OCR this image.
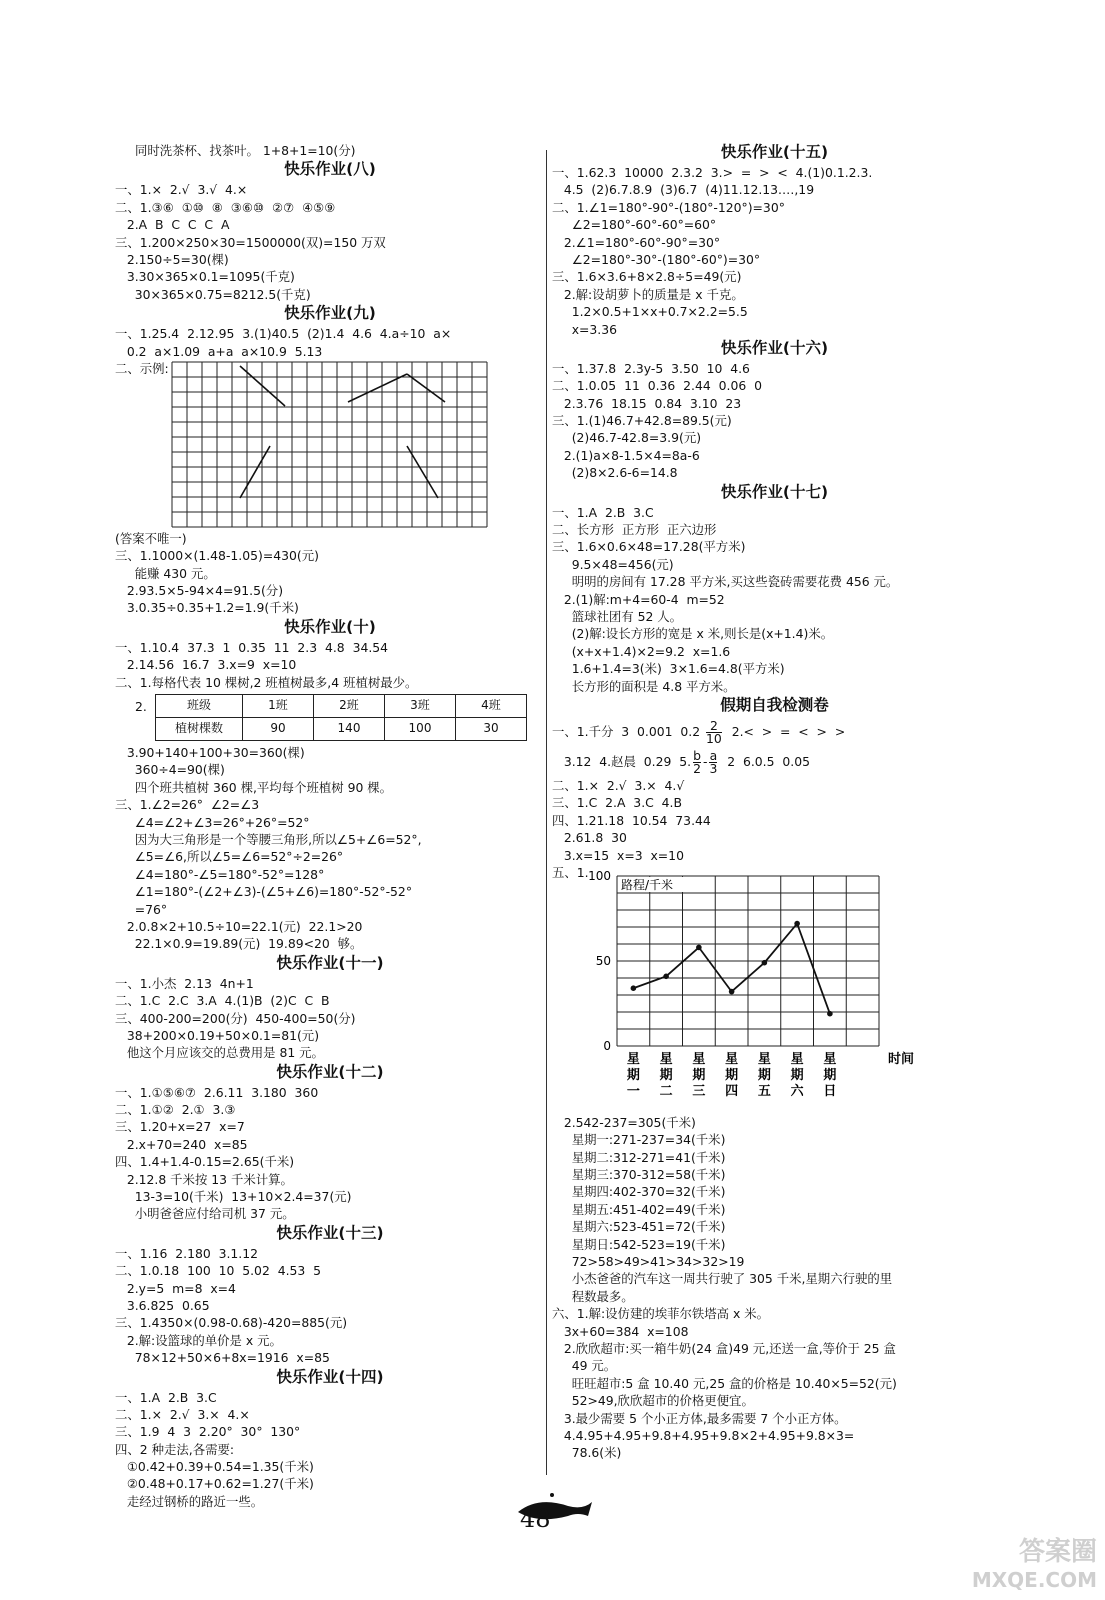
同时洗茶杯、找茶叶。 1+8+1=10(分)
快乐作业(八)
一、1.×  2.√  3.√  4.×
二、1.③⑥  ①⑩  ⑧  ③⑥⑩  ②⑦  ④⑤⑨
2.A  B  C  C  C  A
三、1.200×250×30=1500000(双)=150 万双
2.150÷5=30(棵)
3.30×365×0.1=1095(千克)
30×365×0.75=8212.5(千克)
快乐作业(九)
一、1.25.4  2.12.95  3.(1)40.5  (2)1.4  4.6  4.a÷10  a×
0.2  a×1.09  a+a  a×10.9  5.13
二、示例:
(答案不唯一)
三、1.1000×(1.48-1.05)=430(元)
能赚 430 元。
2.93.5×5-94×4=91.5(分)
3.0.35÷0.35+1.2=1.9(千米)
快乐作业(十)
一、1.10.4  37.3  1  0.35  11  2.3  4.8  34.54
2.14.56  16.7  3.x=9  x=10
二、1.每格代表 10 棵树,2 班植树最多,4 班植树最少。
2.	班级	1班	2班	3班	4班
植树棵数	90	140	100	30
3.90+140+100+30=360(棵)
360÷4=90(棵)
四个班共植树 360 棵,平均每个班植树 90 棵。
三、1.∠2=26°  ∠2=∠3
∠4=∠2+∠3=26°+26°=52°
因为大三角形是一个等腰三角形,所以∠5+∠6=52°,
∠5=∠6,所以∠5=∠6=52°÷2=26°
∠4=180°-∠5=180°-52°=128°
∠1=180°-(∠2+∠3)-(∠5+∠6)=180°-52°-52°
=76°
2.0.8×2+10.5÷10=22.1(元)  22.1>20
22.1×0.9=19.89(元)  19.89<20  够。
快乐作业(十一)
一、1.小杰  2.13  4n+1
二、1.C  2.C  3.A  4.(1)B  (2)C  C  B
三、400-200=200(分)  450-400=50(分)
38+200×0.19+50×0.1=81(元)
他这个月应该交的总费用是 81 元。
快乐作业(十二)
一、1.①⑤⑥⑦  2.6.11  3.180  360
二、1.①②  2.①  3.③
三、1.20+x=27  x=7
2.x+70=240  x=85
四、1.4+1.4-0.15=2.65(千米)
2.12.8 千米按 13 千米计算。
13-3=10(千米)  13+10×2.4=37(元)
小明爸爸应付给司机 37 元。
快乐作业(十三)
一、1.16  2.180  3.1.12
二、1.0.18  100  10  5.02  4.53  5
2.y=5  m=8  x=4
3.6.825  0.65
三、1.4350×(0.98-0.68)-420=885(元)
2.解:设篮球的单价是 x 元。
78×12+50×6+8x=1916  x=85
快乐作业(十四)
一、1.A  2.B  3.C
二、1.×  2.√  3.×  4.×
三、1.9  4  3  2.20°  30°  130°
四、2 种走法,各需要:
①0.42+0.39+0.54=1.35(千米)
②0.48+0.17+0.62=1.27(千米)
走经过钢桥的路近一些。
快乐作业(十五)
一、1.62.3  10000  2.3.2  3.>  =  >  <  4.(1)0.1.2.3.
4.5  (2)6.7.8.9  (3)6.7  (4)11.12.13.…,19
二、1.∠1=180°-90°-(180°-120°)=30°
∠2=180°-60°-60°=60°
2.∠1=180°-60°-90°=30°
∠2=180°-30°-(180°-60°)=30°
三、1.6×3.6+8×2.8÷5=49(元)
2.解:设胡萝卜的质量是 x 千克。
1.2×0.5+1×x+0.7×2.2=5.5
x=3.36
快乐作业(十六)
一、1.37.8  2.3y-5  3.50  10  4.6
二、1.0.05  11  0.36  2.44  0.06  0
2.3.76  18.15  0.84  3.10  23
三、1.(1)46.7+42.8=89.5(元)
(2)46.7-42.8=3.9(元)
2.(1)a×8-1.5×4=8a-6
(2)8×2.6-6=14.8
快乐作业(十七)
一、1.A  2.B  3.C
二、长方形  正方形  正六边形
三、1.6×0.6×48=17.28(平方米)
9.5×48=456(元)
明明的房间有 17.28 平方米,买这些瓷砖需要花费 456 元。
2.(1)解:m+4=60-4  m=52
篮球社团有 52 人。
(2)解:设长方形的宽是 x 米,则长是(x+1.4)米。
(x+x+1.4)×2=9.2  x=1.6
1.6+1.4=3(米)  3×1.6=4.8(平方米)
长方形的面积是 4.8 平方米。
假期自我检测卷
一、1.千分  3  0.001  $0.2 \frac{2}{10} 2.<$  >  =  <  >  >
3.12  4.赵晨  0.29  5. $\frac{b}{2} - \frac{a}{3} 2$  6.0.5  0.05
二、1.×  2.√  3.×  4.√
三、1.C  2.A  3.C  4.B
四、1.21.18  10.54  73.44
2.61.8  30
3.x=15  x=3  x=10
五、1.
0
50
100
路程/千米
星
期
一
星
期
二
星
期
三
星
期
四
星
期
五
星
期
六
星
期
日
时间
2.542-237=305(千米)
星期一:271-237=34(千米)
星期二:312-271=41(千米)
星期三:370-312=58(千米)
星期四:402-370=32(千米)
星期五:451-402=49(千米)
星期六:523-451=72(千米)
星期日:542-523=19(千米)
72>58>49>41>34>32>19
小杰爸爸的汽车这一周共行驶了 305 千米,星期六行驶的里
程数最多。
六、1.解:设仿建的埃菲尔铁塔高 x 米。
3x+60=384  x=108
2.欣欣超市:买一箱牛奶(24 盒)49 元,还送一盒,等价于 25 盒
49 元。
旺旺超市:5 盒 10.40 元,25 盒的价格是 10.40×5=52(元)
52>49,欣欣超市的价格更便宜。
3.最少需要 5 个小正方体,最多需要 7 个小正方体。
4.4.95+4.95+9.8+4.95+9.8×2+4.95+9.8×3=
78.6(米)
48
答案圈
MXQE.COM
